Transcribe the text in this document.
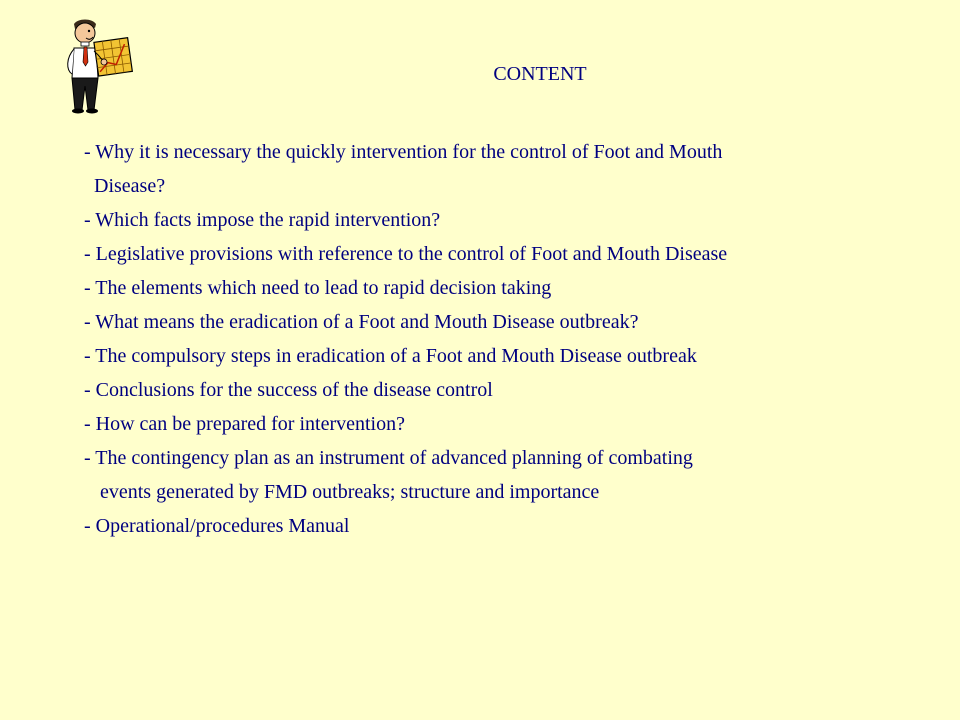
CONTENT
- Why it is necessary the quickly intervention for the control of Foot and Mouth
Disease?
- Which facts impose the rapid intervention?
- Legislative provisions with reference to the control of Foot and Mouth Disease
- The elements which need to lead to rapid decision taking
- What means the eradication of a Foot and Mouth Disease outbreak?
- The compulsory steps in eradication of a Foot and Mouth Disease outbreak
- Conclusions for the success of the disease control
- How can be prepared for intervention?
- The contingency plan as an instrument of advanced planning of combating
events generated by FMD outbreaks; structure and importance
- Operational/procedures Manual
